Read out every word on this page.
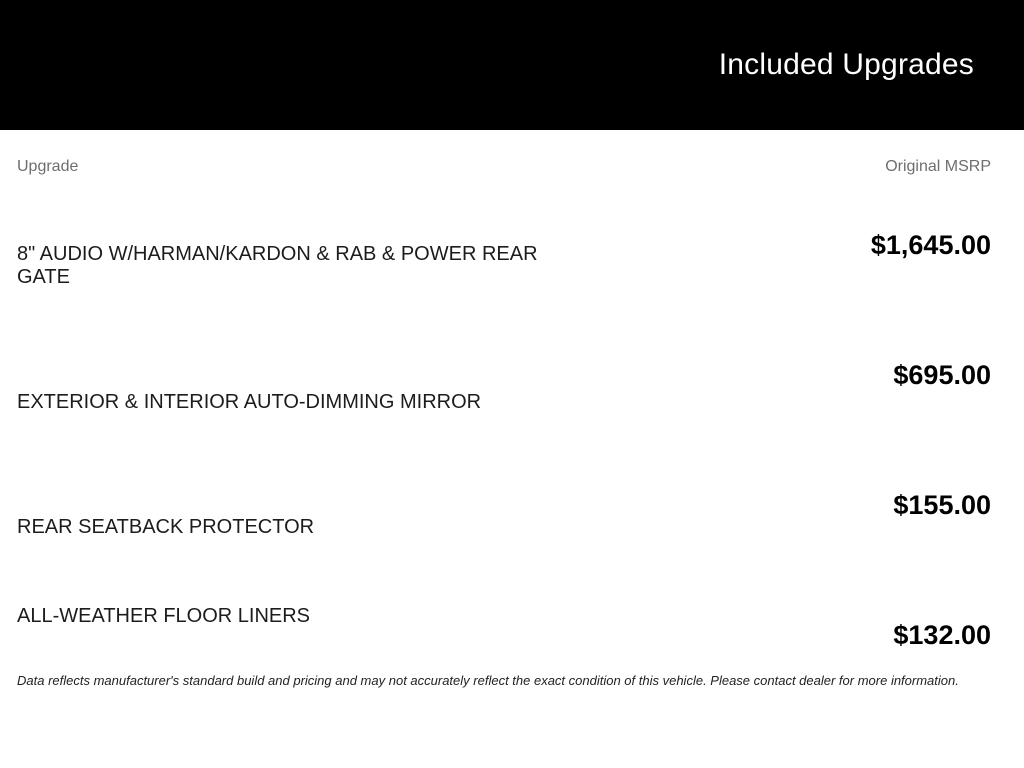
Included Upgrades
Upgrade	Original MSRP
8" AUDIO W/HARMAN/KARDON & RAB & POWER REAR GATE
EXTERIOR & INTERIOR AUTO-DIMMING MIRROR
REAR SEATBACK PROTECTOR
ALL-WEATHER FLOOR LINERS
$1,645.00
$695.00
$155.00
$132.00
Data reflects manufacturer's standard build and pricing and may not accurately reflect the exact condition of this vehicle. Please contact dealer for more information.
